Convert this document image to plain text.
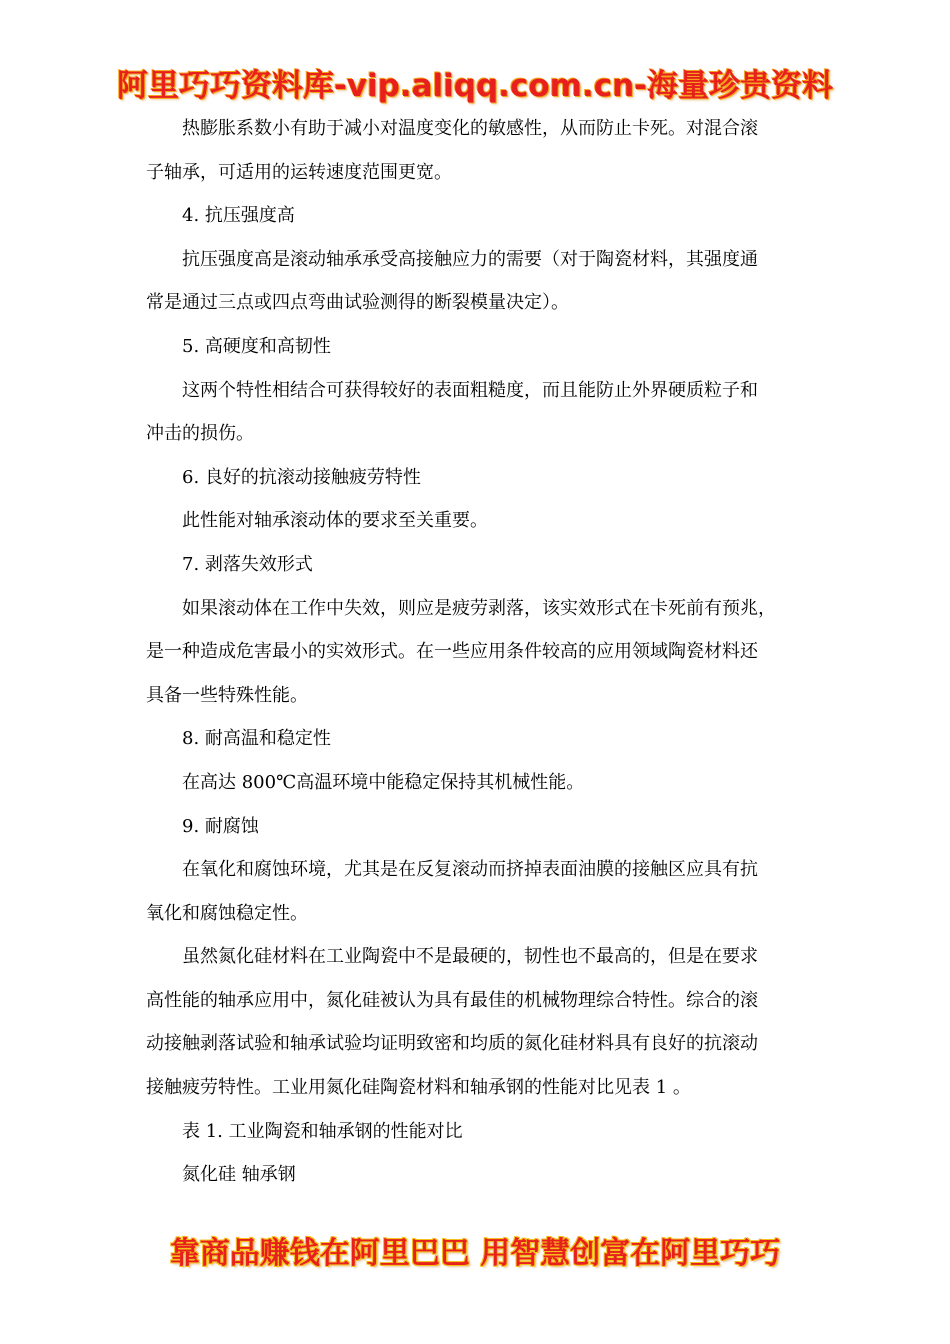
阿里巧巧资料库-vip.aliqq.com.cn-海量珍贵资料
热膨胀系数小有助于减小对温度变化的敏感性，从而防止卡死。对混合滚
子轴承，可适用的运转速度范围更宽。
4. 抗压强度高
抗压强度高是滚动轴承承受高接触应力的需要（对于陶瓷材料，其强度通
常是通过三点或四点弯曲试验测得的断裂模量决定）。
5. 高硬度和高韧性
这两个特性相结合可获得较好的表面粗糙度，而且能防止外界硬质粒子和
冲击的损伤。
6. 良好的抗滚动接触疲劳特性
此性能对轴承滚动体的要求至关重要。
7. 剥落失效形式
如果滚动体在工作中失效，则应是疲劳剥落，该实效形式在卡死前有预兆，
是一种造成危害最小的实效形式。在一些应用条件较高的应用领域陶瓷材料还
具备一些特殊性能。
8. 耐高温和稳定性
在高达 800℃高温环境中能稳定保持其机械性能。
9. 耐腐蚀
在氧化和腐蚀环境，尤其是在反复滚动而挤掉表面油膜的接触区应具有抗
氧化和腐蚀稳定性。
虽然氮化硅材料在工业陶瓷中不是最硬的，韧性也不最高的，但是在要求
高性能的轴承应用中，氮化硅被认为具有最佳的机械物理综合特性。综合的滚
动接触剥落试验和轴承试验均证明致密和均质的氮化硅材料具有良好的抗滚动
接触疲劳特性。工业用氮化硅陶瓷材料和轴承钢的性能对比见表 1 。
表 1. 工业陶瓷和轴承钢的性能对比
氮化硅 轴承钢
靠商品赚钱在阿里巴巴 用智慧创富在阿里巧巧
